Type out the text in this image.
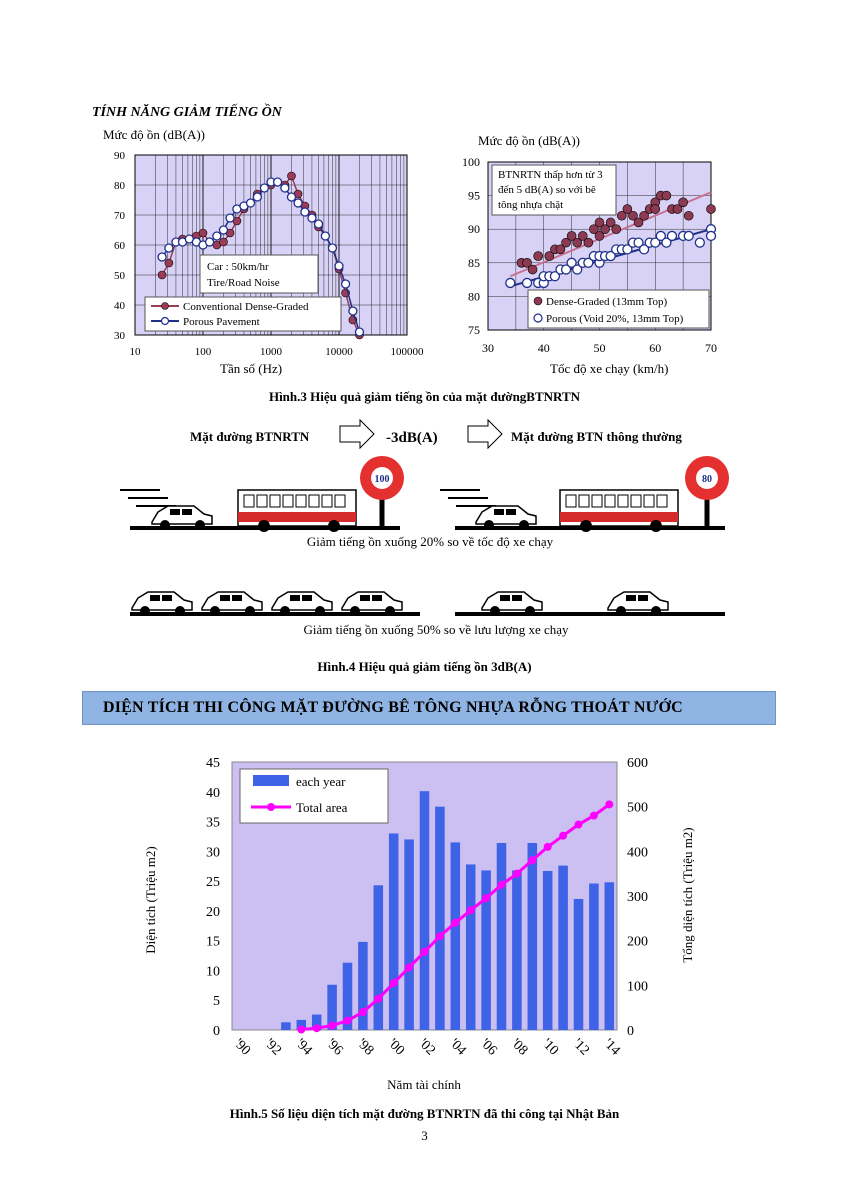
TÍNH NĂNG GIẢM TIẾNG ỒN
Mức độ ồn (dB(A))
90
80
70
60
50
40
30
10	100	1000	10000	100000
Car : 50km/hr
Tire/Road Noise
Conventional Dense-Graded
Porous Pavement
Tần số (Hz)
Mức độ ồn (dB(A))
100
95
90
85
80
75
30	40	50	60	70
BTNRTN thấp hơn từ 3
đến 5 dB(A) so với bê
tông nhựa chặt
Dense-Graded (13mm Top)
Porous (Void 20%, 13mm Top)
Tốc độ xe chạy (km/h)
Hình.3 Hiệu quả giảm tiếng ồn của mặt đườngBTNRTN
Mặt đường BTNRTN	-3dB(A)	Mặt đường BTN thông thường
100	80
Giảm tiếng ồn xuống 20% so về tốc độ xe chạy
Giảm tiếng ồn xuống 50% so về lưu lượng xe chạy
Hình.4 Hiệu quả giảm tiếng ồn 3dB(A)
DIỆN TÍCH THI CÔNG MẶT ĐƯỜNG BÊ TÔNG NHỰA RỖNG THOÁT NƯỚC
0
5
10
15
20
25
30
35
40
45
0
100
200
300
400
500
600
'90 '92 '94 '96 '98 '00 '02 '04 '06 '08 '10 '12 '14
each year
Total area
Diện tích (Triệu m2)	Tổng diện tích (Triệu m2)
Năm tài chính
Hình.5 Số liệu diện tích mặt đường BTNRTN đã thi công tại Nhật Bản
3
